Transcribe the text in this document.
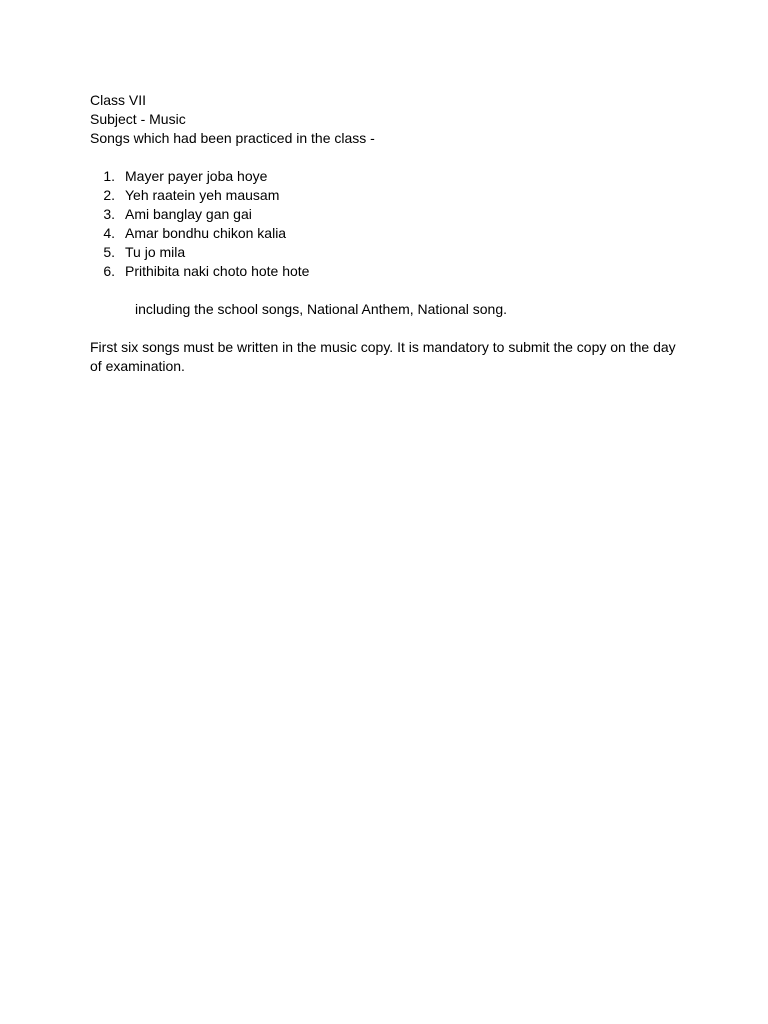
Class VII

Subject - Music

Songs which had been practiced in the class -

1. Mayer payer joba hoye
2. Yeh raatein yeh mausam
3. Ami banglay gan gai
4. Amar bondhu chikon kalia
5. Tu jo mila
6. Prithibita naki choto hote hote

including the school songs, National Anthem, National song.

First six songs must be written in the music copy. It is mandatory to submit the copy on the day of examination.
